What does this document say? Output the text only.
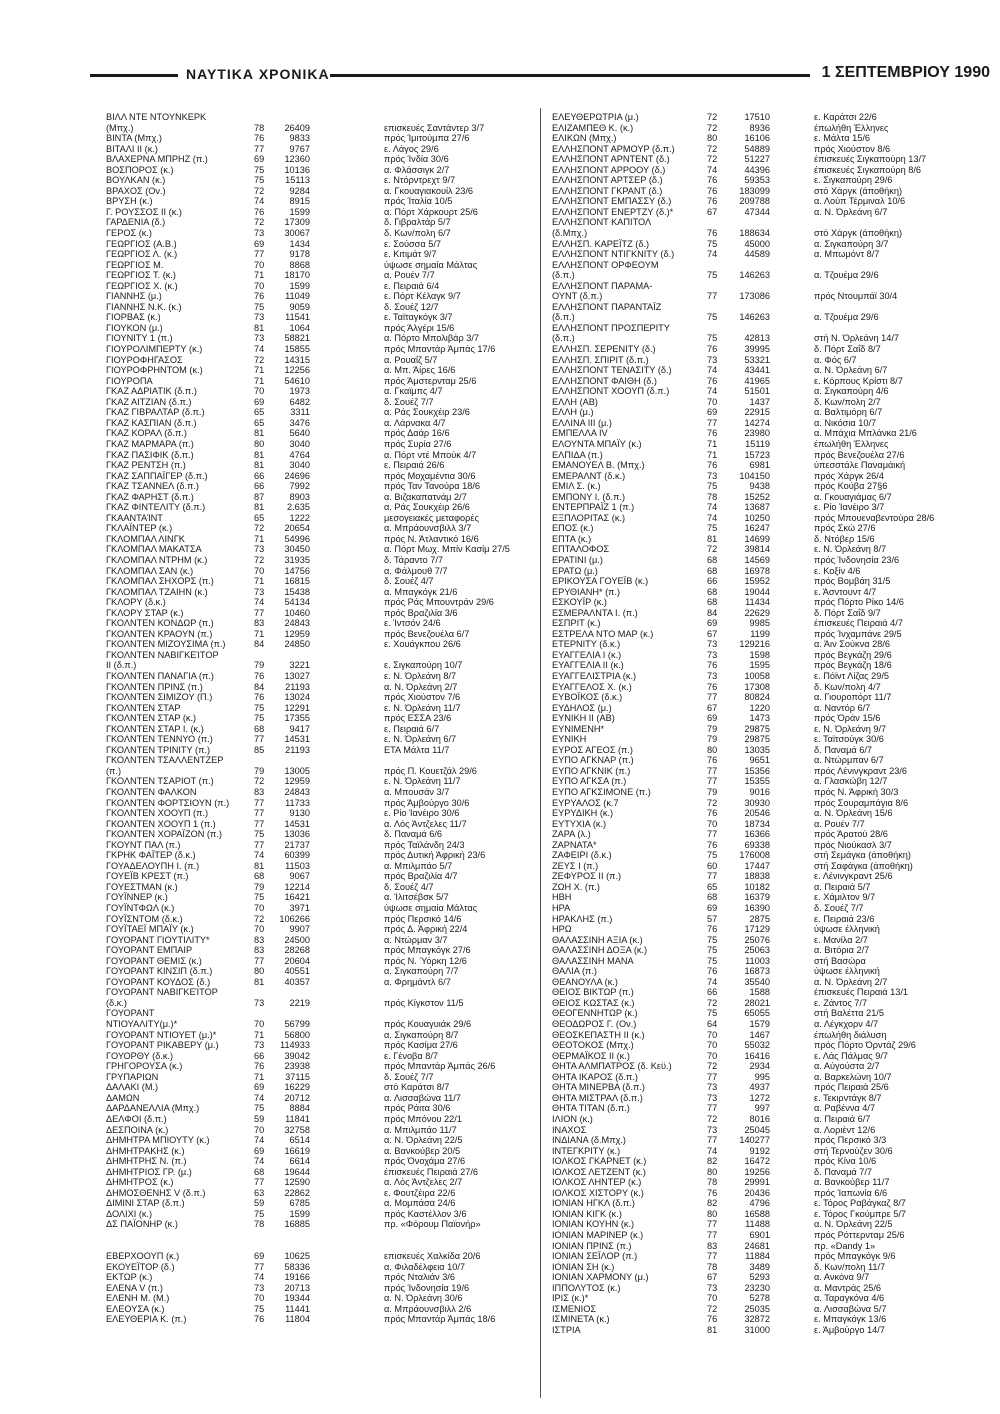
ΝΑΥΤΙΚΑ ΧΡΟΝΙΚΑ	1 ΣΕΠΤΕΜΒΡΙΟΥ 1990
ΒΙΛΛ ΝΤΕ ΝΤΟΥΝΚΕΡΚ
(Μπχ.)	78	26409	επισκευές Σαντάντερ 3/7
ΒΙΝΤΑ (Μπχ.)	76	9833	πρός Ίμιτούμπα 27/6
ΒΙΤΑΛΙ ΙΙ (κ.)	77	9767	ε. Λάγος 29/6
ΒΛΑΧΕΡΝΑ ΜΠΡΗΖ (π.)	69	12360	πρός Ίνδία 30/6
ΒΟΣΠΟΡΟΣ (κ.)	75	10136	α. Φλάσσιγκ 2/7
ΒΟΥΛΚΑΝ (κ.)	75	15113	ε. Ντόρντρεχτ 9/7
ΒΡΑΧΟΣ (Ον.)	72	9284	α. Γκουαγιακουίλ 23/6
ΒΡΥΣΗ (κ.)	74	8915	πρός Ίταλία 10/5
Γ. ΡΟΥΣΣΟΣ ΙΙ (κ.)	76	1599	α. Πόρτ Χάρκουρτ 25/6
ΓΑΡΔΕΝΙΑ (δ.)	72	17309	δ. Γιβραλτάρ 5/7
ΓΕΡΟΣ (κ.)	73	30067	δ. Κων/πολη 6/7
ΓΕΩΡΓΙΟΣ (Α.Β.)	69	1434	ε. Σούσσα 5/7
ΓΕΩΡΓΙΟΣ Λ. (κ.)	77	9178	ε. Κιτιμάτ 9/7
ΓΕΩΡΓΙΟΣ Μ.	70	8868	ύψωσε σημαία Μάλτας
ΓΕΩΡΓΙΟΣ Τ. (κ.)	71	18170	α. Ρουέν 7/7
ΓΕΩΡΓΙΟΣ Χ. (κ.)	70	1599	ε. Πειραιά 6/4
ΓΙΑΝΝΗΣ (μ.)	76	11049	ε. Πόρτ Κέλαγκ 9/7
ΓΙΑΝΝΗΣ Ν.Κ. (κ.)	75	9059	δ. Σουέζ 12/7
ΓΙΟΡΒΑΣ (κ.)	73	11541	ε. Ταϊταγκόγκ 3/7
ΓΙΟΥΚΟΝ (μ.)	81	1064	πρός Άλγέρι 15/6
ΓΙΟΥΝΙΤΥ 1 (π.)	73	58821	α. Πόρτο Μπολιβάρ 3/7
ΓΙΟΥΡΟΛΙΜΠΕΡΤΥ (κ.)	74	15855	πρός Μπαντάρ Άμπάς 17/6
ΓΙΟΥΡΟΦΗΓΑΣΟΣ	72	14315	α. Ρουαΐζ 5/7
ΓΙΟΥΡΟΦΡΗΝΤΟΜ (κ.)	71	12256	α. Μπ. Άίρες 16/6
ΓΙΟΥΡΟΠΑ	71	54610	πρός Άμστερνταμ 25/6
ΓΚΑΖ ΑΔΡΙΑΤΙΚ (δ.π.)	70	1973	α. Γκαϊμπς 4/7
ΓΚΑΖ ΑΙΤΖΙΑΝ (δ.π.)	69	6482	δ. Σουέζ 7/7
ΓΚΑΖ ΓΙΒΡΑΛΤΑΡ (δ.π.)	65	3311	α. Ράς Σουκχέιρ 23/6
ΓΚΑΖ ΚΑΣΠΙΑΝ (δ.π.)	65	3476	α. Λάρνακα 4/7
ΓΚΑΖ ΚΟΡΑΛ (δ.π.)	81	5640	πρός Δαάρ 16/6
ΓΚΑΖ ΜΑΡΜΑΡΑ (π.)	80	3040	πρός Συρία 27/6
ΓΚΑΖ ΠΑΣΙΦΙΚ (δ.π.)	81	4764	α. Πόρτ ντέ Μπούκ 4/7
ΓΚΑΖ ΡΕΝΤΣΗ (π.)	81	3040	ε. Πειραιά 26/6
ΓΚΑΖ ΣΑΠΠΑΪΓΕΡ (δ.π.)	66	24696	πρός Μοχαμέντια 30/6
ΓΚΑΖ ΤΣΑΝΝΕΛ (δ.π.)	66	7992	πρός Ταν Τανούρα 18/6
ΓΚΑΖ ΦΑΡΗΣΤ (δ.π.)	87	8903	α. Βιζακαπατνάμ 2/7
ΓΚΑΖ ΦΙΝΤΕΛΙΤΥ (δ.π.)	81	2.635	α. Ράς Σουκχέιρ 26/6
ΓΚΑΑΝΤΑΊΝΤ	65	1222	μεσογειακές μεταφορές
ΓΚΛΑΪΝΤΕΡ (κ.)	72	20654	α. Μπράουνσβιλλ 3/7
ΓΚΛΟΜΠΑΛ ΛΙΝΓΚ	71	54996	πρός Ν. Άτλαντικό 16/6
ΓΚΛΟΜΠΑΛ ΜΑΚΑΤΣΑ	73	30450	α. Πόρτ Μωχ. Μπίν Κασίμ 27/5
ΓΚΛΟΜΠΑΛ ΝΤΡΗΜ (κ.)	72	31935	δ. Τάραντο 7/7
ΓΚΛΟΜΠΑΛ ΣΑΝ (κ.)	70	14756	α. Φάλμουθ 7/7
ΓΚΛΟΜΠΑΛ ΣΗΧΟΡΣ (π.)	71	16815	δ. Σουέζ 4/7
ΓΚΛΟΜΠΑΛ ΤΖΑΙΗΝ (κ.)	73	15438	α. Μπαγκόγκ 21/6
ΓΚΛΟΡΥ (δ.κ.)	74	54134	πρός Ράς Μπουντράν 29/6
ΓΚΛΟΡΥ ΣΤΑΡ (κ.)	77	10460	πρός Βραζιλία 3/6
ΓΚΟΛΝΤΕΝ ΚΟΝΔΩΡ (π.)	83	24843	ε. Ίντσόν 24/6
ΓΚΟΛΝΤΕΝ ΚΡΑΟΥΝ (π.)	71	12959	πρός Βενεζουέλα 6/7
ΓΚΟΛΝΤΕΝ ΜΙΖΟΥΣΙΜΑ (π.)	84	24850	ε. Χουάγκπου 26/6
ΓΚΟΛΝΤΕΝ ΝΑΒΙΓΚΕΊΤΟΡ
ΙΙ (δ.π.)	79	3221	ε. Σιγκαπούρη 10/7
ΓΚΟΛΝΤΕΝ ΠΑΝΑΓΙΑ (π.)	76	13027	ε. Ν. Όρλεάνη 8/7
ΓΚΟΛΝΤΕΝ ΠΡΙΝΣ (π.)	84	21193	α. Ν. Όρλεάνη 2/7
ΓΚΟΛΝΤΕΝ ΣΙΜΙΖΟΥ (Π.)	76	13024	πρός Χιούστον 7/6
ΓΚΟΛΝΤΕΝ ΣΤΑΡ	75	12291	ε. Ν. Όρλεάνη 11/7
ΓΚΟΛΝΤΕΝ ΣΤΑΡ (κ.)	75	17355	πρός ΕΣΣΑ 23/6
ΓΚΟΛΝΤΕΝ ΣΤΑΡ Ι. (κ.)	68	9417	ε. Πειραιά 6/7
ΓΚΟΛΝΤΕΝ ΤΕΝΝΥΟ (π.)	77	14531	ε. Ν. Όρλεάνη 6/7
ΓΚΟΛΝΤΕΝ ΤΡΙΝΙΤΥ (π.)	85	21193	ΕΤΑ Μάλτα 11/7
ΓΚΟΛΝΤΕΝ ΤΣΑΛΛΕΝΤΖΕΡ
(π.)	79	13005	πρός Π. Κουετζάλ 29/6
ΓΚΟΛΝΤΕΝ ΤΣΑΡΙΟΤ (π.)	72	12959	ε. Ν. Όρλεάνη 11/7
ΓΚΟΛΝΤΕΝ ΦΑΛΚΟΝ	83	24843	α. Μπουσάν 3/7
ΓΚΟΛΝΤΕΝ ΦΟΡΤΣΙΟΥΝ (π.)	77	11733	πρός Άμβούργο 30/6
ΓΚΟΛΝΤΕΝ ΧΟΟΥΠ (π.)	77	9130	ε. Ρίο Ίανέιρο 30/6
ΓΚΟΛΝΤΕΝ ΧΟΟΥΠ 1 (π.)	77	14531	α. Λός Άντζελες 11/7
ΓΚΟΛΝΤΕΝ ΧΟΡΑΪΖΟΝ (π.)	75	13036	δ. Παναμά 6/6
ΓΚΟΥΝΤ ΠΑΛ (π.)	77	21737	πρός Ταϊλάνδη 24/3
ΓΚΡΗΚ ΦΑΪΤΕΡ (δ.κ.)	74	60399	πρός Δυτική Άφρική 23/6
ΓΟΥΑΔΕΛΟΥΠΗ Ι. (π.)	81	11503	α. Μπιλμπάο 5/7
ΓΟΥΕΪΒ ΚΡΕΣΤ (π.)	68	9067	πρός Βραζιλία 4/7
ΓΟΥΕΣΤΜΑΝ (κ.)	79	12214	δ. Σουέζ 4/7
ΓΟΥΪΝΝΕΡ (κ.)	75	16421	α. Ίλιτσέβσκ 5/7
ΓΟΥΪΝΤΦΩΛ (κ.)	70	3971	ύψωσε σημαία Μάλτας
ΓΟΥΪΣΝΤΟΜ (δ.κ.)	72	106266	πρός Περσικό 14/6
ΓΟΥΪΤΑΕΪ ΜΠΑΪΥ (κ.)	70	9907	πρός Δ. Άφρική 22/4
ΓΟΥΟΡΑΝΤ ΓΙΟΥΤΙΛΙΤΥ*	83	24500	α. Ντώρμαν 3/7
ΓΟΥΟΡΑΝΤ ΕΜΠΑΙΡ	83	28268	πρός Μπαγκόγκ 27/6
ΓΟΥΟΡΑΝΤ ΘΕΜΙΣ (κ.)	77	20604	πρός Ν. Ύόρκη 12/6
ΓΟΥΟΡΑΝΤ ΚΙΝΣΙΠ (δ.π.)	80	40551	α. Σιγκαπούρη 7/7
ΓΟΥΟΡΑΝΤ ΚΟΥΔΟΣ (δ.)	81	40357	α. Φρημάντλ 6/7
ΓΟΥΟΡΑΝΤ ΝΑΒΙΓΚΕΊΤΟΡ
(δ.κ.)	73	2219	πρός Κίγκστον 11/5
ΓΟΥΟΡΑΝΤ
ΝΤΙΟΥΑΛΙΤΥ(μ.)*	70	56799	πρός Κουαγυιάκ 29/6
ΓΟΥΟΡΑΝΤ ΝΤΙΟΥΕΤ (μ.)*	71	56800	α. Σιγκαπούρη 8/7
ΓΟΥΟΡΑΝΤ ΡΙΚΑΒΕΡΥ (μ.)	73	114933	πρός Κασίμα 27/6
ΓΟΥΟΡΘΥ (δ.κ.)	66	39042	ε. Γένοβα 8/7
ΓΡΗΓΟΡΟΥΣΑ (κ.)	76	23938	πρός Μπαντάρ Άμπάς 26/6
ΓΡΥΠΑΡΙΩΝ	71	37115	δ. Σουέζ 7/7
ΔΑΛΑΚΙ (Μ.)	69	16229	στό Καράτσι 8/7
ΔΑΜΩΝ	74	20712	α. Λισσαβώνα 11/7
ΔΑΡΔΑΝΕΛΛΙΑ (Μπχ.)	75	8884	πρός Ράιτα 30/6
ΔΕΛΦΟΙ (δ.π.)	59	11841	πρός Μπόνου 22/1
ΔΕΣΠΟΙΝΑ (κ.)	70	32758	α. Μπιλμπάο 11/7
ΔΗΜΗΤΡΑ ΜΠΙΟΥΤΥ (κ.)	74	6514	α. Ν. Όρλεάνη 22/5
ΔΗΜΗΤΡΑΚΗΣ (κ.)	69	16619	α. Βανκούβερ 20/5
ΔΗΜΗΤΡΗΣ Ν. (π.)	74	6614	πρός Όνοχάμα 27/6
ΔΗΜΗΤΡΙΟΣ ΓΡ. (μ.)	68	19644	έπισκευές Πειραιά 27/6
ΔΗΜΗΤΡΟΣ (κ.)	77	12590	α. Λός Άντζελες 2/7
ΔΗΜΟΣΘΕΝΗΣ V (δ.π.)	63	22862	ε. Φουτζέιρα 22/6
ΔΙΜΙΝΙ ΣΤΑΡ (δ.π.)	59	6785	α. Μομπάσα 24/6
ΔΟΛΙΧΙ (κ.)	75	1599	πρός Καστέλλον 3/6
ΔΣ ΠΑΪΟΝΗΡ (κ.)	78	16885	πρ. «Φόρουμ Παϊονήρ»
ΕΒΕΡΧΟΟΥΠ (κ.)	69	10625	επισκευές Χαλκίδα 20/6
ΕΚΟΥΕΪΤΟΡ (δ.)	77	58336	α. Φιλαδέλφεια 10/7
ΕΚΤΩΡ (κ.)	74	19166	πρός Νταλιάν 3/6
ΕΛΕΝΑ V (π.)	73	20713	πρός Ίνδονησία 19/6
ΕΛΕΝΗ Μ. (Μ.)	70	19344	α. Ν. Όρλεάνη 30/6
ΕΛΕΟΥΣΑ (κ.)	75	11441	α. Μπράουνσβιλλ 2/6
ΕΛΕΥΘΕΡΙΑ Κ. (π.)	76	11804	πρός Μπαντάρ Άμπάς 18/6
ΕΛΕΥΘΕΡΩΤΡΙΑ (μ.)	72	17510	ε. Καράτσι 22/6
ΕΛΙΖΑΜΠΕΘ Κ. (κ.)	72	8936	έπωλήθη Έλληνες
ΕΛΙΚΩΝ (Μπχ.)	80	16106	ε. Μάλτα 15/6
ΕΛΛΗΣΠΟΝΤ ΑΡΜΟΥΡ (δ.π.)	72	54889	πρός Χιούστον 8/6
ΕΛΛΗΣΠΟΝΤ ΑΡΝΤΕΝΤ (δ.)	72	51227	έπισκευές Σιγκαπούρη 13/7
ΕΛΛΗΣΠΟΝΤ ΑΡΡΟΟΥ (δ.)	74	44396	έπισκευές Σιγκαπούρη 8/6
ΕΛΛΗΣΠΟΝΤ ΑΡΤΣΕΡ (δ.)	76	59353	ε. Σιγκαπούρη 29/6
ΕΛΛΗΣΠΟΝΤ ΓΚΡΑΝΤ (δ.)	76	183099	στό Χάργκ (άποθήκη)
ΕΛΛΗΣΠΟΝΤ ΕΜΠΑΣΣΥ (δ.)	76	209788	α. Λούπ Τέρμιναλ 10/6
ΕΛΛΗΣΠΟΝΤ ΕΝΕΡΤΖΥ (δ.)*	67	47344	α. Ν. Όρλεάνη 6/7
ΕΛΛΗΣΠΟΝΤ ΚΑΠΙΤΟΛ
(δ.Μπχ.)	76	188634	στό Χάργκ (άποθήκη)
ΕΛΛΗΣΠ. ΚΑΡΕΪΤΖ (δ.)	75	45000	α. Σιγκαπούρη 3/7
ΕΛΛΗΣΠΟΝΤ ΝΤΙΓΚΝΙΤΥ (δ.)	74	44589	α. Μπωμόντ 8/7
ΕΛΛΗΣΠΟΝΤ ΟΡΦΕΟΥΜ
(δ.π.)	75	146263	α. Τζουέμα 29/6
ΕΛΛΗΣΠΟΝΤ ΠΑΡΑΜΑ-
ΟΥΝΤ (δ.π.)	77	173086	πρός Ντουμπάϊ 30/4
ΕΛΛΗΣΠΟΝΤ ΠΑΡΑΝΤΑΪΖ
(δ.π.)	75	146263	α. Τζουέμα 29/6
ΕΛΛΗΣΠΟΝΤ ΠΡΟΣΠΕΡΙΤΥ
(δ.π.)	75	42813	στή Ν. Όρλεάνη 14/7
ΕΛΛΗΣΠ. ΣΕΡΕΝΙΤΥ (δ.)	76	39995	δ. Πόρτ Σαΐδ 8/7
ΕΛΛΗΣΠ. ΣΠΙΡΙΤ (δ.π.)	73	53321	α. Φός 6/7
ΕΛΛΗΣΠΟΝΤ ΤΕΝΑΣΙΤΥ (δ.)	74	43441	α. Ν. Όρλεάνη 6/7
ΕΛΛΗΣΠΟΝΤ ΦΑΙΘΗ (δ.)	76	41965	ε. Κόρπους Κρίστι 8/7
ΕΛΛΗΣΠΟΝΤ ΧΟΟΥΠ (δ.π.)	74	51501	α. Σιγκαπούρη 4/6
ΕΛΛΗ (ΑΒ)	70	1437	δ. Κων/πολη 2/7
ΕΛΛΗ (μ.)	69	22915	α. Βαλτιμόρη 6/7
ΕΛΛΙΝΑ ΙΙΙ (μ.)	77	14274	α. Νικόσια 10/7
ΕΜΠΕΛΛΑ IV	76	23980	α. Μπάχια Μπλάνκα 21/6
ΕΛΟΥΝΤΑ ΜΠΑΪΥ (κ.)	71	15119	έπωλήθη Έλληνες
ΕΛΠΙΔΑ (π.)	71	15723	πρός Βενεζουέλα 27/6
ΕΜΑΝΟΥΕΛ Β. (Μπχ.)	76	6981	ύπεσστάλε Παναμάική
ΕΜΕΡΑΛΝΤ (δ.κ.)	73	104150	πρός Χάργκ 26/4
ΕΜΙΛ Σ. (κ.)	75	9438	πρός Κούβα 27§6
ΕΜΠΟΝΥ Ι. (δ.π.)	78	15252	α. Γκουαγιάμας 6/7
ΕΝΤΕΡΠΡΑΪΖ 1 (π.)	74	13687	ε. Ρίο Ίανέιρο 3/7
ΕΞΠΛΟΡΙΤΑΣ (κ.)	74	10250	πρός Μπουεναβεντούρα 28/6
ΕΠΟΣ (κ.)	75	16247	πρός Σκώ 27/6
ΕΠΤΑ (κ.)	81	14699	δ. Ντόβερ 15/6
ΕΠΤΑΛΟΦΟΣ	72	39814	ε. Ν. Όρλεάνη 8/7
ΕΡΑΤΙΝΙ (μ.)	68	14569	πρός Ίνδονησία 23/6
ΕΡΑΤΩ (μ.)	68	16978	ε. Κοξίν 4/6
ΕΡΙΚΟΥΣΑ ΓΟΥΕΪΒ (κ.)	66	15952	πρός Βομβάη 31/5
ΕΡΥΘΙΑΝΗ* (π.)	68	19044	ε. Άσντουντ 4/7
ΕΣΚΟΥΪΡ (κ.)	68	11434	πρός Πόρτο Ρίκο 14/6
ΕΣΜΕΡΑΛΝΤΑ Ι. (π.)	84	22629	δ. Πόρτ Σαΐδ 9/7
ΕΣΠΡΙΤ (κ.)	69	9985	έπισκευές Πειραιά 4/7
ΕΣΤΡΕΛΑ ΝΤΟ ΜΑΡ (κ.)	67	1199	πρός Ίνχαμπάνε 29/5
ΕΤΕΡΝΙΤΥ (δ.κ.)	73	129216	α. Άιν Σούκνα 28/6
ΕΥΑΓΓΕΛΙΑ Ι (κ.)	73	1598	πρός Βεγκάζη 29/6
ΕΥΑΓΓΕΛΙΑ ΙΙ (κ.)	76	1595	πρός Βεγκάζη 18/6
ΕΥΑΓΓΕΛΙΣΤΡΙΑ (κ.)	73	10058	ε. Πόϊντ Λίζας 29/5
ΕΥΑΓΓΕΛΟΣ Χ. (κ.)	76	17308	δ. Κων/πολη 4/7
ΕΥΒΟΪΚΟΣ (δ.κ.)	77	80824	α. Γιουροπόρτ 11/7
ΕΥΔΗΛΟΣ (μ.)	67	1220	α. Ναντόρ 6/7
ΕΥΝΙΚΗ ΙΙ (ΑΒ)	69	1473	πρός Όράν 15/6
ΕΥΝΙΜΕΝΗ*	79	29875	ε. Ν. Όρλεάνη 9/7
ΕΥΝΙΚΗ	79	29875	ε. Ταϊτσούγκ 30/6
ΕΥΡΟΣ ΑΓΕΟΣ (π.)	80	13035	δ. Παναμά 6/7
ΕΥΠΟ ΑΓΚΝΑΡ (π.)	76	9651	α. Ντώρμπαν 6/7
ΕΥΠΟ ΑΓΚΝΙΚ (π.)	77	15356	πρός Λένινγκραντ 23/6
ΕΥΠΟ ΑΓΚΣΑ (π.)	77	15355	α. Γλασκώβη 12/7
ΕΥΠΟ ΑΓΚΣΙΜΟΝΕ (π.)	79	9016	πρός Ν. Άφρική 30/3
ΕΥΡΥΑΛΟΣ (κ.7	72	30930	πρός Σουραμπάγια 8/6
ΕΥΡΥΔΙΚΗ (κ.)	76	20546	α. Ν. Όρλεάνη 15/6
ΕΥΤΥΧΙΑ (κ.)	70	18734	α. Ρουέν 7/7
ΖΑΡΑ (λ.)	77	16366	πρός Άρατού 28/6
ΖΑΡΝΑΤΑ*	76	69338	πρός Νιούκασλ 3/7
ΖΑΦΕΙΡΙ (δ.κ.)	75	176008	στή Σεμάγκα (άποθήκη)
ΖΕΥΣ Ι (π.)	60	17447	στή Σαφάγκα (άποθήκη)
ΖΕΦΥΡΟΣ ΙΙ (π.)	77	18838	ε. Λένινγκραντ 25/6
ΖΩΗ Χ. (π.)	65	10182	α. Πειραιά 5/7
ΗΒΗ	68	16379	ε. Χάμιλτον 9/7
ΗΡΑ	69	16390	δ. Σουέζ 7/7
ΗΡΑΚΛΗΣ (π.)	57	2875	ε. Πειραιά 23/6
ΗΡΩ	76	17129	ύψωσε έλληνική
ΘΑΛΑΣΣΙΝΗ ΑΞΙΑ (κ.)	75	25076	ε. Μανίλα 2/7
ΘΑΛΑΣΣΙΝΗ ΔΟΞΑ (κ.)	75	25063	α. Βιτόρια 2/7
ΘΑΛΑΣΣΙΝΗ ΜΑΝΑ	75	11003	στή Βασώρα
ΘΑΛΙΑ (π.)	76	16873	ύψωσε έλληνική
ΘΕΑΝΟΥΛΑ (κ.)	74	35540	α. Ν. Όρλεάνη 2/7
ΘΕΙΟΣ ΒΙΚΤΩΡ (π.)	66	1588	έπισκευές Πειραιά 13/1
ΘΕΙΟΣ ΚΩΣΤΑΣ (κ.)	72	28021	ε. Ζάντος 7/7
ΘΕΟΓΕΝΝΗΤΩΡ (κ.)	75	65055	στή Βαλέττα 21/5
ΘΕΟΔΩΡΟΣ Γ. (Ον.)	64	1579	α. Λέγκχορν 4/7
ΘΕΟΣΚΕΠΑΣΤΗ ΙΙ (κ.)	70	1467	έπωλήθη διάλυση
ΘΕΟΤΟΚΟΣ (Μπχ.)	70	55032	πρός Πόρτο Όρντάζ 29/6
ΘΕΡΜΑΪΚΟΣ ΙΙ (κ.)	70	16416	ε. Λάς Πάλμας 9/7
ΘΗΤΑ ΑΛΜΠΑΤΡΟΣ (δ. Κεϋ.)	72	2934	α. Αύγούστα 2/7
ΘΗΤΑ ΙΚΑΡΟΣ (δ.π.)	77	995	α. Βαρκελώνη 10/7
ΘΗΤΑ ΜΙΝΕΡΒΑ (δ.π.)	73	4937	πρός Πειραιά 25/6
ΘΗΤΑ ΜΙΣΤΡΑΛ (δ.π.)	73	1272	ε. Τεκιρντάγκ 8/7
ΘΗΤΑ ΤΙΤΑΝ (δ.π.)	77	997	α. Ραβέννα 4/7
ΙΛΙΟΝ (κ.)	72	8016	α. Πειραιά 6/7
ΙΝΑΧΟΣ	73	25045	α. Λοριέντ 12/6
ΙΝΔΙΑΝΑ (δ.Μπχ.)	77	140277	πρός Περσικό 3/3
ΙΝΤΕΓΚΡΙΤΥ (κ.)	74	9192	στή Τερνούζεν 30/6
ΙΟΛΚΟΣ ΓΚΑΡΝΕΤ (κ.)	82	16472	πρός Κίνα 10/6
ΙΟΛΚΟΣ ΛΕΤΖΕΝΤ (κ.)	80	19256	δ. Παναμά 7/7
ΙΟΛΚΟΣ ΛΗΝΤΕΡ (κ.)	78	29991	α. Βανκούβερ 11/7
ΙΟΛΚΟΣ ΧΙΣΤΟΡΥ (κ.)	76	20436	πρός Ίαπωνία 6/6
ΙΟΝΙΑΝ ΗΓΚΛ (δ.π.)	82	4796	ε. Τόρος Ραβάγκαζ 8/7
ΙΟΝΙΑΝ ΚΙΓΚ (κ.)	80	16588	ε. Τόρος Γκούμπρε 5/7
ΙΟΝΙΑΝ ΚΟΥΗΝ (κ.)	77	11488	α. Ν. Όρλεάνη 22/5
ΙΟΝΙΑΝ ΜΑΡΙΝΕΡ (κ.)	77	6901	πρός Ρόττερνταμ 25/6
ΙΟΝΙΑΝ ΠΡΙΝΣ (π.)	83	24681	πρ. «Dandy 1»
ΙΟΝΙΑΝ ΣΕΪΛΟΡ (π.)	77	11884	πρός Μπαγκόγκ 9/6
ΙΟΝΙΑΝ ΣΗ (κ.)	78	3489	δ. Κων/πολη 11/7
ΙΟΝΙΑΝ ΧΑΡΜΟΝΥ (μ.)	67	5293	α. Ανκόνα 9/7
ΙΠΠΟΛΥΤΟΣ (κ.)	73	23230	α. Μαντράς 25/6
ΙΡΙΣ (κ.)*	70	5278	α. Ταραγκόνα 4/6
ΙΣΜΕΝΙΟΣ	72	25035	α. Λισσαβώνα 5/7
ΙΣΜΙΝΕΤΑ (κ.)	76	32872	ε. Μπαγκόγκ 13/6
ΙΣΤΡΙΑ	81	31000	ε. Άμβούργο 14/7
